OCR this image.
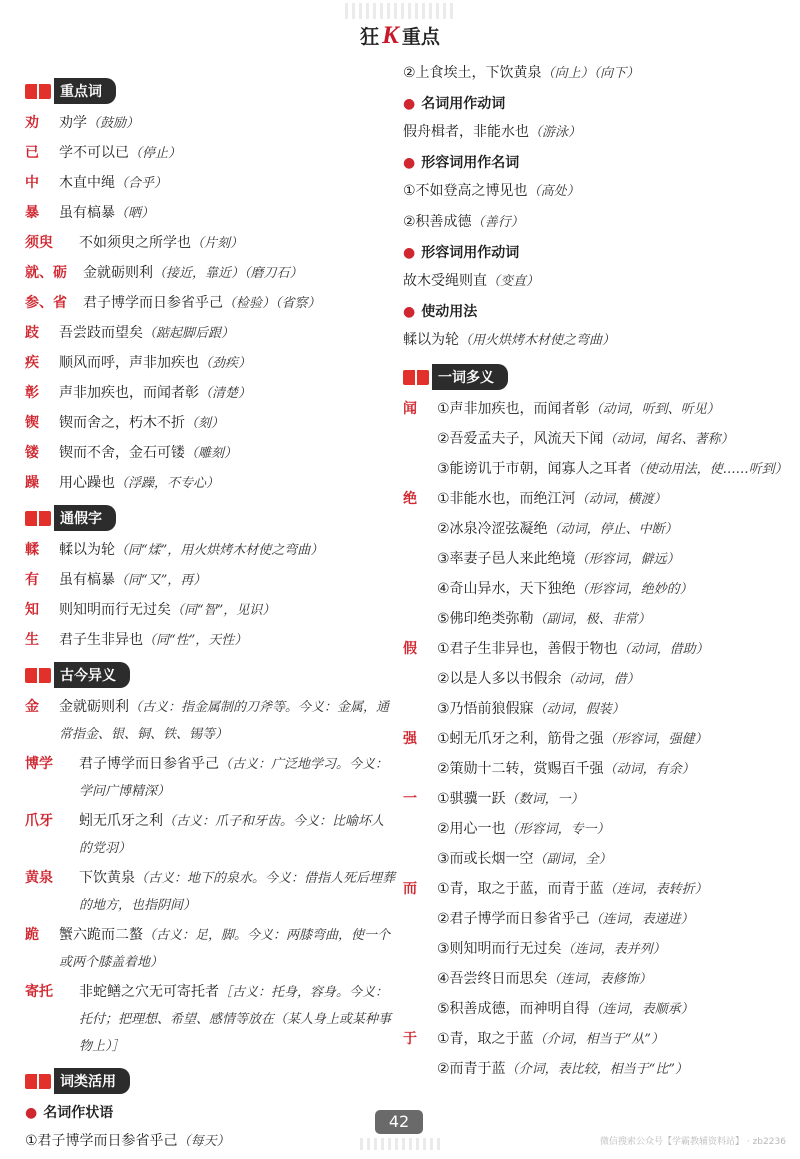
狂 K 重点
重点词
劝	劝学（鼓励）
已	学不可以已（停止）
中	木直中绳（合乎）
暴	虽有槁暴（晒）
须臾	不如须臾之所学也（片刻）
就、砺	金就砺则利（接近，靠近）（磨刀石）
参、省	君子博学而日参省乎己（检验）（省察）
跂	吾尝跂而望矣（踮起脚后跟）
疾	顺风而呼，声非加疾也（劲疾）
彰	声非加疾也，而闻者彰（清楚）
锲	锲而舍之，朽木不折（刻）
镂	锲而不舍，金石可镂（雕刻）
躁	用心躁也（浮躁，不专心）
通假字
輮	輮以为轮（同“煣”，用火烘烤木材使之弯曲）
有	虽有槁暴（同“又”，再）
知	则知明而行无过矣（同“智”，见识）
生	君子生非异也（同“性”，天性）
古今异义
金	金就砺则利（古义：指金属制的刀斧等。今义：金属，通常指金、银、铜、铁、锡等）
博学	君子博学而日参省乎己（古义：广泛地学习。今义：学问广博精深）
爪牙	蚓无爪牙之利（古义：爪子和牙齿。今义：比喻坏人的党羽）
黄泉	下饮黄泉（古义：地下的泉水。今义：借指人死后埋葬的地方，也指阴间）
跪	蟹六跪而二螯（古义：足，脚。今义：两膝弯曲，使一个或两个膝盖着地）
寄托	非蛇鳝之穴无可寄托者［古义：托身，容身。今义：托付；把理想、希望、感情等放在（某人身上或某种事物上）］
词类活用
● 名词作状语
①君子博学而日参省乎己（每天）
②上食埃土，下饮黄泉（向上）（向下）
● 名词用作动词
假舟楫者，非能水也（游泳）
● 形容词用作名词
①不如登高之博见也（高处）
②积善成德（善行）
● 形容词用作动词
故木受绳则直（变直）
● 使动用法
輮以为轮（用火烘烤木材使之弯曲）
一词多义
闻	①声非加疾也，而闻者彰（动词，听到、听见）
②吾爱孟夫子，风流天下闻（动词，闻名、著称）
③能谤讥于市朝，闻寡人之耳者（使动用法，使……听到）
绝	①非能水也，而绝江河（动词，横渡）
②冰泉冷涩弦凝绝（动词，停止、中断）
③率妻子邑人来此绝境（形容词，僻远）
④奇山异水，天下独绝（形容词，绝妙的）
⑤佛印绝类弥勒（副词，极、非常）
假	①君子生非异也，善假于物也（动词，借助）
②以是人多以书假余（动词，借）
③乃悟前狼假寐（动词，假装）
强	①蚓无爪牙之利，筋骨之强（形容词，强健）
②策勋十二转，赏赐百千强（动词，有余）
一	①骐骥一跃（数词，一）
②用心一也（形容词，专一）
③而或长烟一空（副词，全）
而	①青，取之于蓝，而青于蓝（连词，表转折）
②君子博学而日参省乎己（连词，表递进）
③则知明而行无过矣（连词，表并列）
④吾尝终日而思矣（连词，表修饰）
⑤积善成德，而神明自得（连词，表顺承）
于	①青，取之于蓝（介词，相当于“从”）
②而青于蓝（介词，表比较，相当于“比”）
42
微信搜索公众号【学霸教辅资料站】 · zb2236
